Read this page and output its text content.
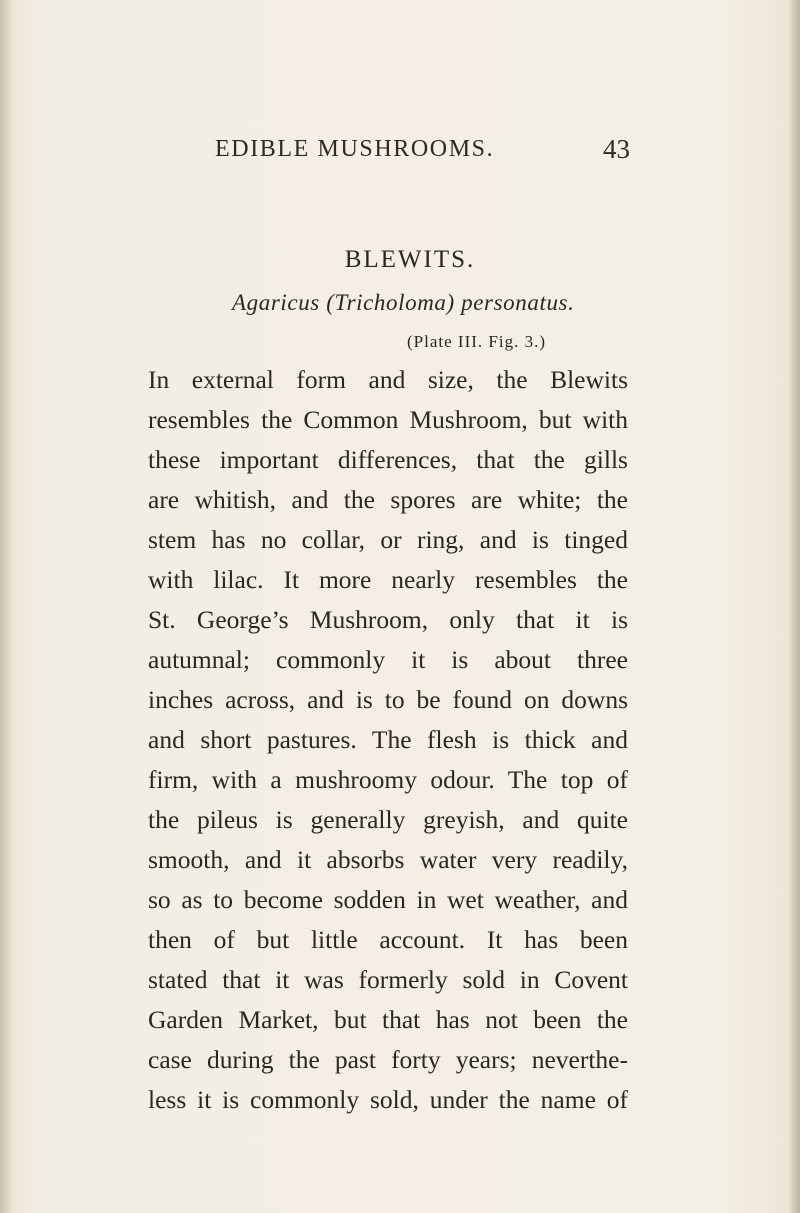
EDIBLE MUSHROOMS.	43
BLEWITS.
Agaricus (Tricholoma) personatus.
(Plate III. Fig. 3.)
In external form and size, the Blewits
resembles the Common Mushroom, but with
these important differences, that the gills
are whitish, and the spores are white; the
stem has no collar, or ring, and is tinged
with lilac. It more nearly resembles the
St. George’s Mushroom, only that it is
autumnal; commonly it is about three
inches across, and is to be found on downs
and short pastures. The flesh is thick and
firm, with a mushroomy odour. The top of
the pileus is generally greyish, and quite
smooth, and it absorbs water very readily,
so as to become sodden in wet weather, and
then of but little account. It has been
stated that it was formerly sold in Covent
Garden Market, but that has not been the
case during the past forty years; neverthe-
less it is commonly sold, under the name of
